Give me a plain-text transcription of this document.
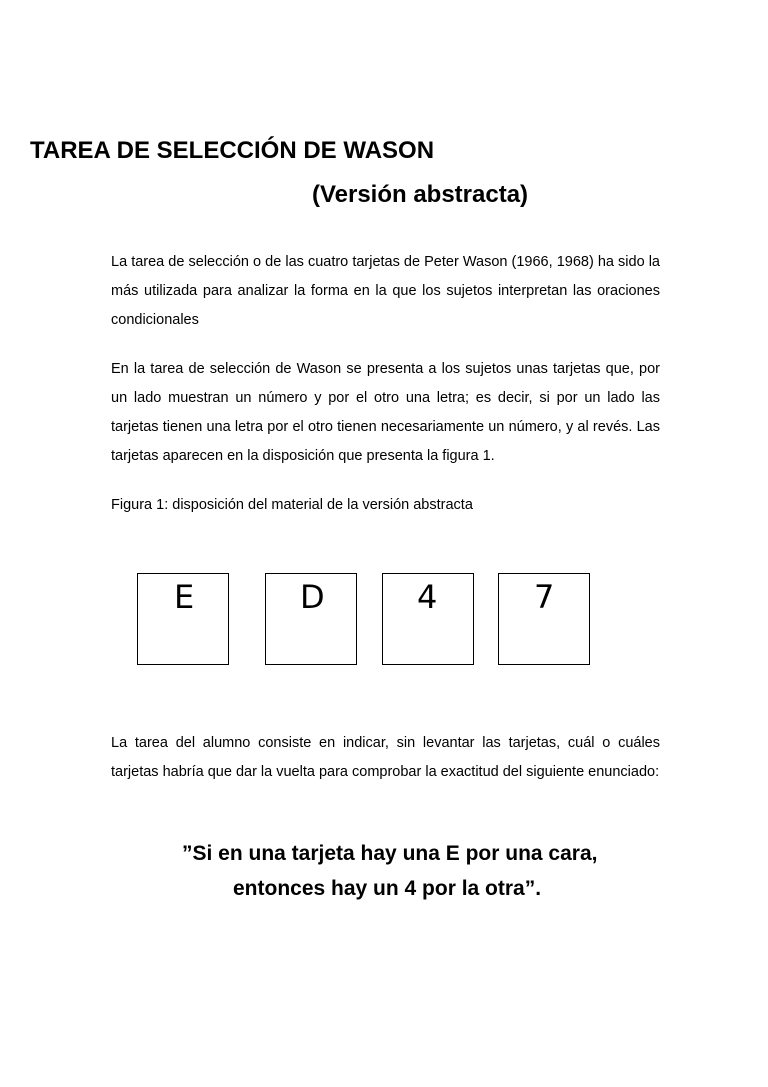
TAREA DE SELECCIÓN DE WASON

(Versión abstracta)

La tarea de selección o de las cuatro tarjetas de Peter Wason (1966, 1968) ha sido la más utilizada para analizar la forma en la que los sujetos interpretan las oraciones condicionales

En la tarea de selección de Wason se presenta a los sujetos unas tarjetas que, por un lado muestran un número y por el otro una letra; es decir, si por un lado las tarjetas tienen una letra por el otro tienen necesariamente un número, y al revés. Las tarjetas aparecen en la disposición que presenta la figura 1.

Figura 1: disposición del material de la versión abstracta

E	D	4	7

La tarea del alumno consiste en indicar, sin levantar las tarjetas, cuál o cuáles tarjetas habría que dar la vuelta para comprobar la exactitud del siguiente enunciado:

”Si en una tarjeta hay una E por una cara,

entonces hay un 4 por la otra”.
